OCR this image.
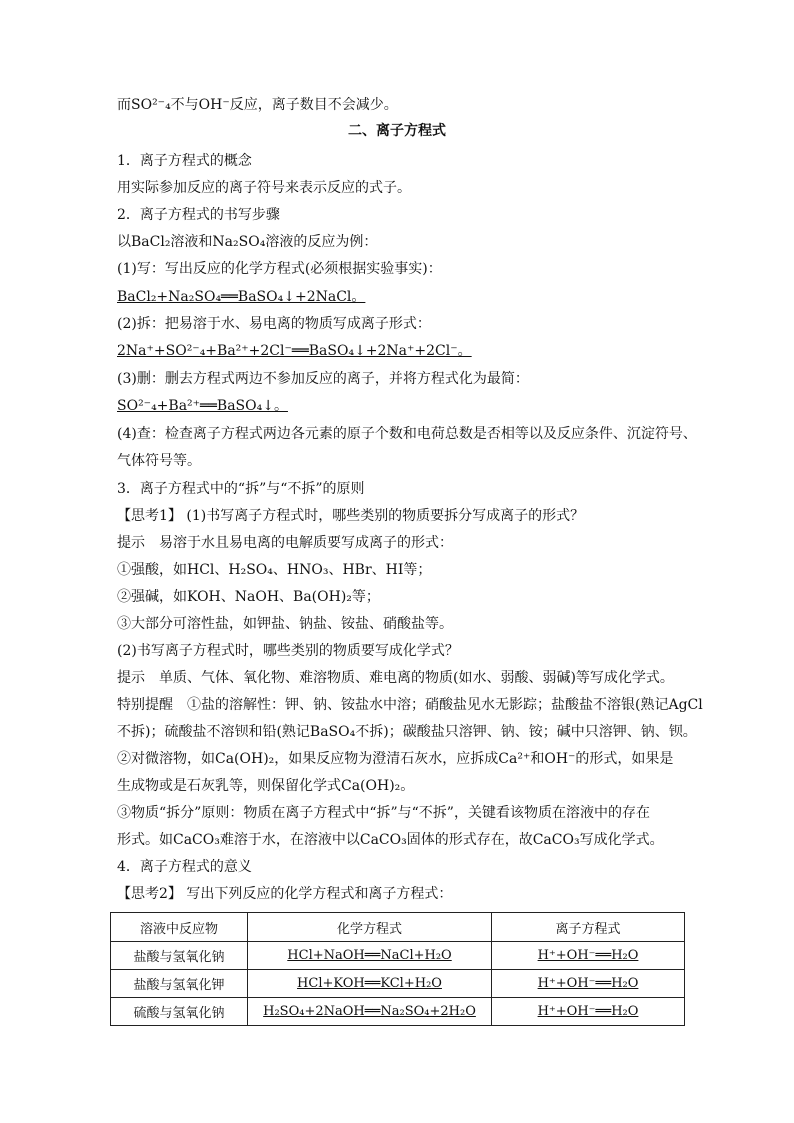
而SO²⁻₄不与OH⁻反应，离子数目不会减少。
二、离子方程式
1．离子方程式的概念
用实际参加反应的离子符号来表示反应的式子。
2．离子方程式的书写步骤
以BaCl₂溶液和Na₂SO₄溶液的反应为例：
(1)写：写出反应的化学方程式(必须根据实验事实)：
BaCl₂+Na₂SO₄══BaSO₄↓+2NaCl。
(2)拆：把易溶于水、易电离的物质写成离子形式：
2Na⁺+SO²⁻₄+Ba²⁺+2Cl⁻══BaSO₄↓+2Na⁺+2Cl⁻。
(3)删：删去方程式两边不参加反应的离子，并将方程式化为最简：
SO²⁻₄+Ba²⁺══BaSO₄↓。
(4)查：检查离子方程式两边各元素的原子个数和电荷总数是否相等以及反应条件、沉淀符号、
气体符号等。
3．离子方程式中的“拆”与“不拆”的原则
【思考1】 (1)书写离子方程式时，哪些类别的物质要拆分写成离子的形式？
提示　易溶于水且易电离的电解质要写成离子的形式：
①强酸，如HCl、H₂SO₄、HNO₃、HBr、HI等；
②强碱，如KOH、NaOH、Ba(OH)₂等；
③大部分可溶性盐，如钾盐、钠盐、铵盐、硝酸盐等。
(2)书写离子方程式时，哪些类别的物质要写成化学式？
提示　单质、气体、氧化物、难溶物质、难电离的物质(如水、弱酸、弱碱)等写成化学式。
特别提醒　①盐的溶解性：钾、钠、铵盐水中溶；硝酸盐见水无影踪；盐酸盐不溶银(熟记AgCl
不拆)；硫酸盐不溶钡和铅(熟记BaSO₄不拆)；碳酸盐只溶钾、钠、铵；碱中只溶钾、钠、钡。
②对微溶物，如Ca(OH)₂，如果反应物为澄清石灰水，应拆成Ca²⁺和OH⁻的形式，如果是
生成物或是石灰乳等，则保留化学式Ca(OH)₂。
③物质“拆分”原则：物质在离子方程式中“拆”与“不拆”，关键看该物质在溶液中的存在
形式。如CaCO₃难溶于水，在溶液中以CaCO₃固体的形式存在，故CaCO₃写成化学式。
4．离子方程式的意义
【思考2】 写出下列反应的化学方程式和离子方程式：
溶液中反应物	化学方程式	离子方程式
盐酸与氢氧化钠	HCl+NaOH══NaCl+H₂O	H⁺+OH⁻══H₂O
盐酸与氢氧化钾	HCl+KOH══KCl+H₂O	H⁺+OH⁻══H₂O
硫酸与氢氧化钠	H₂SO₄+2NaOH══Na₂SO₄+2H₂O	H⁺+OH⁻══H₂O
